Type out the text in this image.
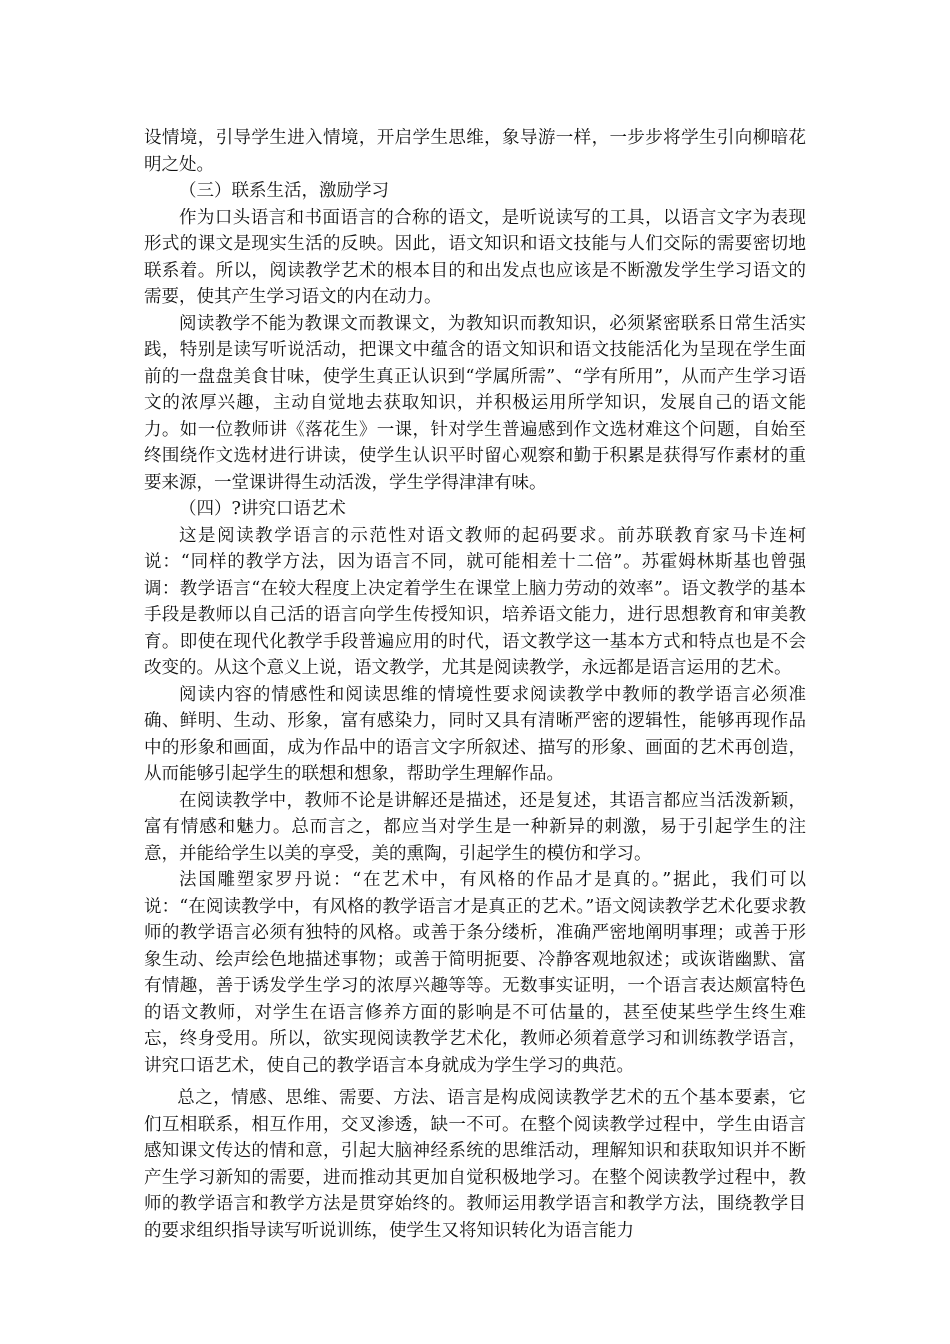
设情境，引导学生进入情境，开启学生思维，象导游一样，一步步将学生引向柳暗花明之处。

（三）联系生活，激励学习

作为口头语言和书面语言的合称的语文，是听说读写的工具，以语言文字为表现形式的课文是现实生活的反映。因此，语文知识和语文技能与人们交际的需要密切地联系着。所以，阅读教学艺术的根本目的和出发点也应该是不断激发学生学习语文的需要，使其产生学习语文的内在动力。

阅读教学不能为教课文而教课文，为教知识而教知识，必须紧密联系日常生活实践，特别是读写听说活动，把课文中蕴含的语文知识和语文技能活化为呈现在学生面前的一盘盘美食甘味，使学生真正认识到“学属所需”、“学有所用”，从而产生学习语文的浓厚兴趣，主动自觉地去获取知识，并积极运用所学知识，发展自己的语文能力。如一位教师讲《落花生》一课，针对学生普遍感到作文选材难这个问题，自始至终围绕作文选材进行讲读，使学生认识平时留心观察和勤于积累是获得写作素材的重要来源，一堂课讲得生动活泼，学生学得津津有味。

（四）?讲究口语艺术

这是阅读教学语言的示范性对语文教师的起码要求。前苏联教育家马卡连柯说：“同样的教学方法，因为语言不同，就可能相差十二倍”。苏霍姆林斯基也曾强调：教学语言“在较大程度上决定着学生在课堂上脑力劳动的效率”。语文教学的基本手段是教师以自己活的语言向学生传授知识，培养语文能力，进行思想教育和审美教育。即使在现代化教学手段普遍应用的时代，语文教学这一基本方式和特点也是不会改变的。从这个意义上说，语文教学，尤其是阅读教学，永远都是语言运用的艺术。

阅读内容的情感性和阅读思维的情境性要求阅读教学中教师的教学语言必须准确、鲜明、生动、形象，富有感染力，同时又具有清晰严密的逻辑性，能够再现作品中的形象和画面，成为作品中的语言文字所叙述、描写的形象、画面的艺术再创造，从而能够引起学生的联想和想象，帮助学生理解作品。

在阅读教学中，教师不论是讲解还是描述，还是复述，其语言都应当活泼新颖，富有情感和魅力。总而言之，都应当对学生是一种新异的刺激，易于引起学生的注意，并能给学生以美的享受，美的熏陶，引起学生的模仿和学习。

法国雕塑家罗丹说：“在艺术中，有风格的作品才是真的。”据此，我们可以说：“在阅读教学中，有风格的教学语言才是真正的艺术。”语文阅读教学艺术化要求教师的教学语言必须有独特的风格。或善于条分缕析，准确严密地阐明事理；或善于形象生动、绘声绘色地描述事物；或善于简明扼要、冷静客观地叙述；或诙谐幽默、富有情趣，善于诱发学生学习的浓厚兴趣等等。无数事实证明，一个语言表达颇富特色的语文教师，对学生在语言修养方面的影响是不可估量的，甚至使某些学生终生难忘，终身受用。所以，欲实现阅读教学艺术化，教师必须着意学习和训练教学语言，讲究口语艺术，使自己的教学语言本身就成为学生学习的典范。

总之，情感、思维、需要、方法、语言是构成阅读教学艺术的五个基本要素，它们互相联系，相互作用，交叉渗透，缺一不可。在整个阅读教学过程中，学生由语言感知课文传达的情和意，引起大脑神经系统的思维活动，理解知识和获取知识并不断产生学习新知的需要，进而推动其更加自觉积极地学习。在整个阅读教学过程中，教师的教学语言和教学方法是贯穿始终的。教师运用教学语言和教学方法，围绕教学目的要求组织指导读写听说训练，使学生又将知识转化为语言能力
